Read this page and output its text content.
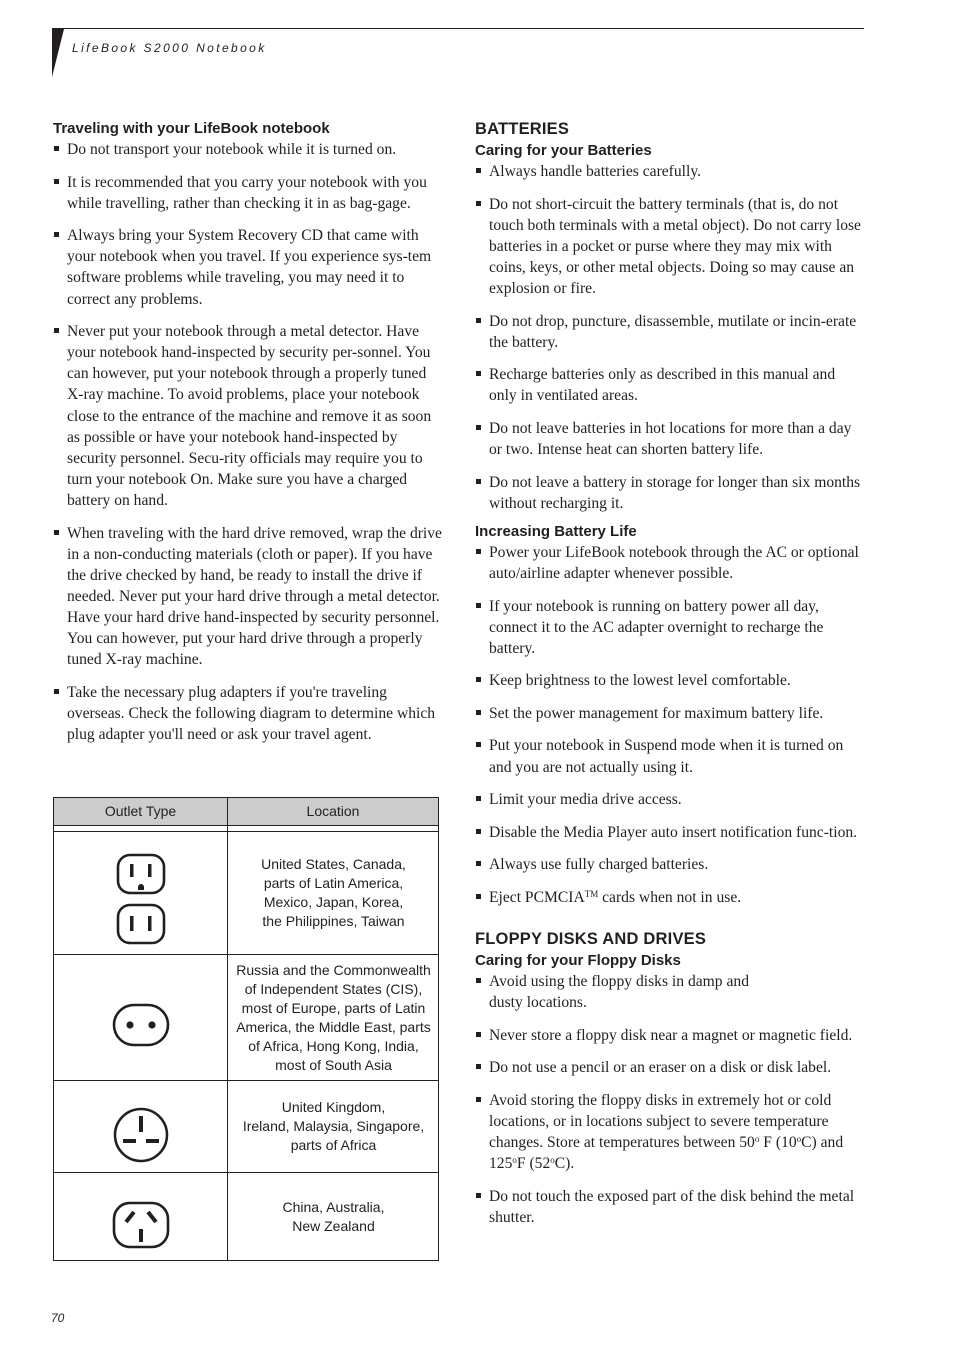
LifeBook S2000 Notebook
Traveling with your LifeBook notebook
Do not transport your notebook while it is turned on.
It is recommended that you carry your notebook with you while travelling, rather than checking it in as bag-gage.
Always bring your System Recovery CD that came with your notebook when you travel. If you experience sys-tem software problems while traveling, you may need it to correct any problems.
Never put your notebook through a metal detector. Have your notebook hand-inspected by security per-sonnel. You can however, put your notebook through a properly tuned X-ray machine. To avoid problems, place your notebook close to the entrance of the machine and remove it as soon as possible or have your notebook hand-inspected by security personnel. Secu-rity officials may require you to turn your notebook On. Make sure you have a charged battery on hand.
When traveling with the hard drive removed, wrap the drive in a non-conducting materials (cloth or paper). If you have the drive checked by hand, be ready to install the drive if needed. Never put your hard drive through a metal detector. Have your hard drive hand-inspected by security personnel. You can however, put your hard drive through a properly tuned X-ray machine.
Take the necessary plug adapters if you're traveling overseas. Check the following diagram to determine which plug adapter you'll need or ask your travel agent.
Outlet Type	Location
United States, Canada,
parts of Latin America,
Mexico, Japan, Korea,
the Philippines, Taiwan
Russia and the Commonwealth
of Independent States (CIS),
most of Europe, parts of Latin
America, the Middle East, parts
of Africa, Hong Kong, India,
most of South Asia
United Kingdom,
Ireland, Malaysia, Singapore,
parts of Africa
China, Australia,
New Zealand
BATTERIES
Caring for your Batteries
Always handle batteries carefully.
Do not short-circuit the battery terminals (that is, do not touch both terminals with a metal object). Do not carry lose batteries in a pocket or purse where they may mix with coins, keys, or other metal objects. Doing so may cause an explosion or fire.
Do not drop, puncture, disassemble, mutilate or incin-erate the battery.
Recharge batteries only as described in this manual and only in ventilated areas.
Do not leave batteries in hot locations for more than a day or two. Intense heat can shorten battery life.
Do not leave a battery in storage for longer than six months without recharging it.
Increasing Battery Life
Power your LifeBook notebook through the AC or optional auto/airline adapter whenever possible.
If your notebook is running on battery power all day, connect it to the AC adapter overnight to recharge the battery.
Keep brightness to the lowest level comfortable.
Set the power management for maximum battery life.
Put your notebook in Suspend mode when it is turned on and you are not actually using it.
Limit your media drive access.
Disable the Media Player auto insert notification func-tion.
Always use fully charged batteries.
Eject PCMCIA™ cards when not in use.
FLOPPY DISKS AND DRIVES
Caring for your Floppy Disks
Avoid using the floppy disks in damp and
dusty locations.
Never store a floppy disk near a magnet or magnetic field.
Do not use a pencil or an eraser on a disk or disk label.
Avoid storing the floppy disks in extremely hot or cold locations, or in locations subject to severe temperature changes. Store at temperatures between 50$^o$ F (10$^o$C) and 125$^o$F (52$^o$C).
Do not touch the exposed part of the disk behind the metal shutter.
70
